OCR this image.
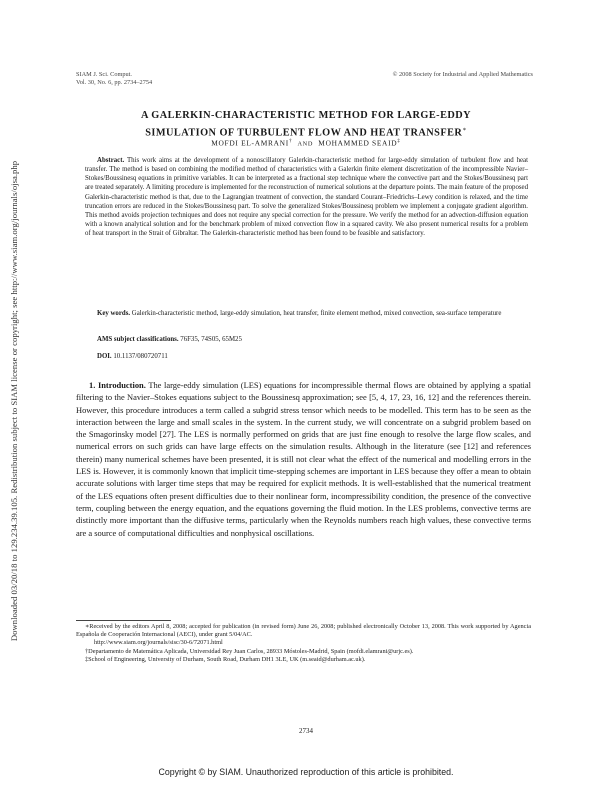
Downloaded 03/20/18 to 129.234.39.105. Redistribution subject to SIAM license or copyright; see http://www.siam.org/journals/ojsa.php
SIAM J. Sci. Comput.
Vol. 30, No. 6, pp. 2734–2754
© 2008 Society for Industrial and Applied Mathematics
A GALERKIN-CHARACTERISTIC METHOD FOR LARGE-EDDY
SIMULATION OF TURBULENT FLOW AND HEAT TRANSFER∗
MOFDI EL-AMRANI† AND MOHAMMED SEAID‡
Abstract. This work aims at the development of a nonoscillatory Galerkin-characteristic method for large-eddy simulation of turbulent flow and heat transfer. The method is based on combining the modified method of characteristics with a Galerkin finite element discretization of the incompressible Navier–Stokes/Boussinesq equations in primitive variables. It can be interpreted as a fractional step technique where the convective part and the Stokes/Boussinesq part are treated separately. A limiting procedure is implemented for the reconstruction of numerical solutions at the departure points. The main feature of the proposed Galerkin-characteristic method is that, due to the Lagrangian treatment of convection, the standard Courant–Friedrichs–Lewy condition is relaxed, and the time truncation errors are reduced in the Stokes/Boussinesq part. To solve the generalized Stokes/Boussinesq problem we implement a conjugate gradient algorithm. This method avoids projection techniques and does not require any special correction for the pressure. We verify the method for an advection-diffusion equation with a known analytical solution and for the benchmark problem of mixed convection flow in a squared cavity. We also present numerical results for a problem of heat transport in the Strait of Gibraltar. The Galerkin-characteristic method has been found to be feasible and satisfactory.
Key words. Galerkin-characteristic method, large-eddy simulation, heat transfer, finite element method, mixed convection, sea-surface temperature
AMS subject classifications. 76F35, 74S05, 65M25
DOI. 10.1137/080720711
1. Introduction. The large-eddy simulation (LES) equations for incompressible thermal flows are obtained by applying a spatial filtering to the Navier–Stokes equations subject to the Boussinesq approximation; see [5, 4, 17, 23, 16, 12] and the references therein. However, this procedure introduces a term called a subgrid stress tensor which needs to be modelled. This term has to be seen as the interaction between the large and small scales in the system. In the current study, we will concentrate on a subgrid problem based on the Smagorinsky model [27]. The LES is normally performed on grids that are just fine enough to resolve the large flow scales, and numerical errors on such grids can have large effects on the simulation results. Although in the literature (see [12] and references therein) many numerical schemes have been presented, it is still not clear what the effect of the numerical and modelling errors in the LES is. However, it is commonly known that implicit time-stepping schemes are important in LES because they offer a mean to obtain accurate solutions with larger time steps that may be required for explicit methods. It is well-established that the numerical treatment of the LES equations often present difficulties due to their nonlinear form, incompressibility condition, the presence of the convective term, coupling between the energy equation, and the equations governing the fluid motion. In the LES problems, convective terms are distinctly more important than the diffusive terms, particularly when the Reynolds numbers reach high values, these convective terms are a source of computational difficulties and nonphysical oscillations.

∗Received by the editors April 8, 2008; accepted for publication (in revised form) June 26, 2008; published electronically October 13, 2008. This work supported by Agencia Española de Cooperación Internacional (AECI), under grant 5/04/AC.

http://www.siam.org/journals/sisc/30-6/72071.html

†Departamento de Matemática Aplicada, Universidad Rey Juan Carlos, 28933 Móstoles-Madrid, Spain (mofdi.elamrani@urjc.es).

‡School of Engineering, University of Durham, South Road, Durham DH1 3LE, UK (m.seaid@durham.ac.uk).

2734
Copyright © by SIAM. Unauthorized reproduction of this article is prohibited.
